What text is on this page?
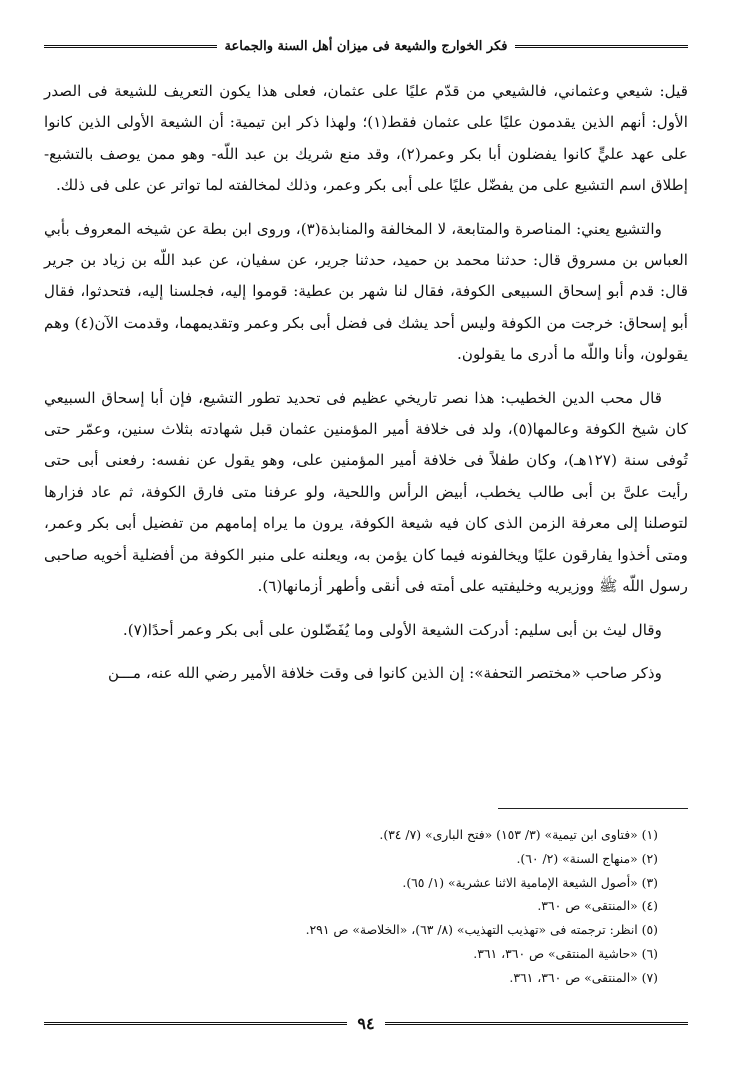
فكر الخوارج والشيعة فى ميزان أهل السنة والجماعة

قيل: شيعي وعثماني، فالشيعي من قدّم عليًا على عثمان، فعلى هذا يكون التعريف للشيعة فى الصدر الأول: أنهم الذين يقدمون عليًا على عثمان فقط(١)؛ ولهذا ذكر ابن تيمية: أن الشيعة الأولى الذين كانوا على عهد عليٍّ كانوا يفضلون أبا بكر وعمر(٢)، وقد منع شريك بن عبد اللّه- وهو ممن يوصف بالتشيع- إطلاق اسم التشيع على من يفضّل عليًا على أبى بكر وعمر، وذلك لمخالفته لما تواتر عن على فى ذلك.

والتشيع يعني: المناصرة والمتابعة، لا المخالفة والمنابذة(٣)، وروى ابن بطة عن شيخه المعروف بأبي العباس بن مسروق قال: حدثنا محمد بن حميد، حدثنا جرير، عن سفيان، عن عبد اللّه بن زياد بن جرير قال: قدم أبو إسحاق السبيعى الكوفة، فقال لنا شهر بن عطية: قوموا إليه، فجلسنا إليه، فتحدثوا، فقال أبو إسحاق: خرجت من الكوفة وليس أحد يشك فى فضل أبى بكر وعمر وتقديمهما، وقدمت الآن(٤) وهم يقولون، وأنا واللّه ما أدرى ما يقولون.

قال محب الدين الخطيب: هذا نصر تاريخي عظيم فى تحديد تطور التشيع، فإن أبا إسحاق السبيعي كان شيخ الكوفة وعالمها(٥)، ولد فى خلافة أمير المؤمنين عثمان قبل شهادته بثلاث سنين، وعمّر حتى تُوفى سنة (١٢٧هـ)، وكان طفلاً فى خلافة أمير المؤمنين على، وهو يقول عن نفسه: رفعنى أبى حتى رأيت علىَّ بن أبى طالب يخطب، أبيض الرأس واللحية، ولو عرفنا متى فارق الكوفة، ثم عاد فزارها لتوصلنا إلى معرفة الزمن الذى كان فيه شيعة الكوفة، يرون ما يراه إمامهم من تفضيل أبى بكر وعمر، ومتى أخذوا يفارقون عليًا ويخالفونه فيما كان يؤمن به، ويعلنه على منبر الكوفة من أفضلية أخويه صاحبى رسول اللّه ﷺ ووزيريه وخليفتيه على أمته فى أنقى وأطهر أزمانها(٦).

وقال ليث بن أبى سليم: أدركت الشيعة الأولى وما يُفَضّلون على أبى بكر وعمر أحدًا(٧).

وذكر صاحب «مختصر التحفة»: إن الذين كانوا فى وقت خلافة الأمير رضي الله عنه، مـــن

(١) «فتاوى ابن تيمية» (٣/ ١٥٣) «فتح البارى» (٧/ ٣٤).
(٢) «منهاج السنة» (٢/ ٦٠).
(٣) «أصول الشيعة الإمامية الاثنا عشرية» (١/ ٦٥).
(٤) «المنتقى» ص ٣٦٠.
(٥) انظر: ترجمته فى «تهذيب التهذيب» (٨/ ٦٣)، «الخلاصة» ص ٢٩١.
(٦) «حاشية المنتقى» ص ٣٦٠، ٣٦١.
(٧) «المنتقى» ص ٣٦٠، ٣٦١.
٩٤
